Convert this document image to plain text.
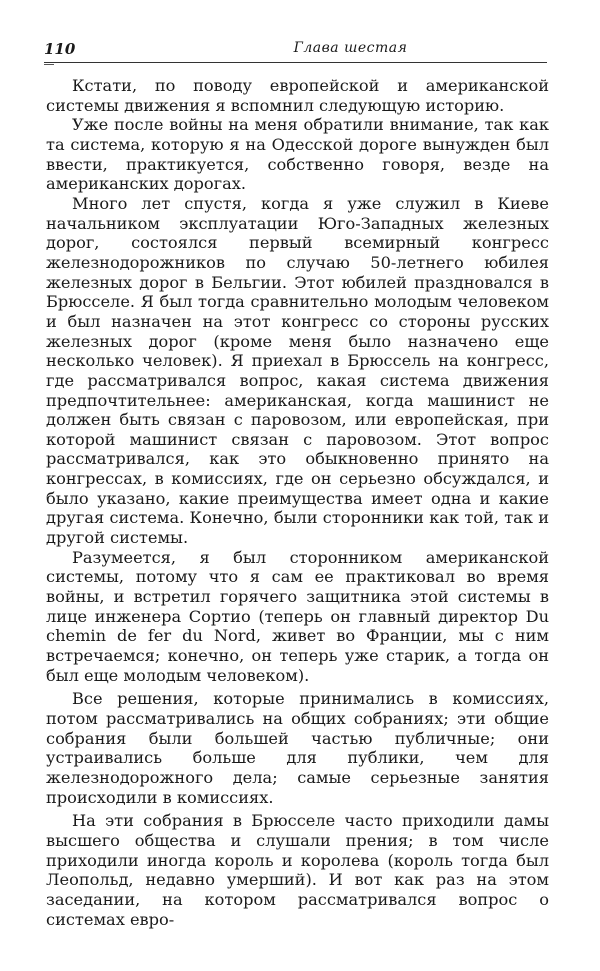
110	Глава шестая

Кстати, по поводу европейской и американской системы движения я вспомнил следующую историю.

Уже после войны на меня обратили внимание, так как та система, которую я на Одесской дороге вынужден был ввести, практикуется, собственно говоря, везде на американских дорогах.

Много лет спустя, когда я уже служил в Киеве начальником эксплуатации Юго-Западных железных дорог, состоялся первый всемирный конгресс железнодорожников по случаю 50-летнего юбилея железных дорог в Бельгии. Этот юбилей праздновался в Брюсселе. Я был тогда сравнительно молодым человеком и был назначен на этот конгресс со стороны русских железных дорог (кроме меня было назначено еще несколько человек). Я приехал в Брюссель на конгресс, где рассматривался вопрос, какая система движения предпочтительнее: американская, когда машинист не должен быть связан с паровозом, или европейская, при которой машинист связан с паровозом. Этот вопрос рассматривался, как это обыкновенно принято на конгрессах, в комиссиях, где он серьезно обсуждался, и было указано, какие преимущества имеет одна и какие другая система. Конечно, были сторонники как той, так и другой системы.

Разумеется, я был сторонником американской системы, потому что я сам ее практиковал во время войны, и встретил горячего защитника этой системы в лице инженера Сортио (теперь он главный директор Du chemin de fer du Nord, живет во Франции, мы с ним встречаемся; конечно, он теперь уже старик, а тогда он был еще молодым человеком).

Все решения, которые принимались в комиссиях, потом рассматривались на общих собраниях; эти общие собрания были большей частью публичные; они устраивались больше для публики, чем для железнодорожного дела; самые серьезные занятия происходили в комиссиях.

На эти собрания в Брюсселе часто приходили дамы высшего общества и слушали прения; в том числе приходили иногда король и королева (король тогда был Леопольд, недавно умерший). И вот как раз на этом заседании, на котором рассматривался вопрос о системах евро-
